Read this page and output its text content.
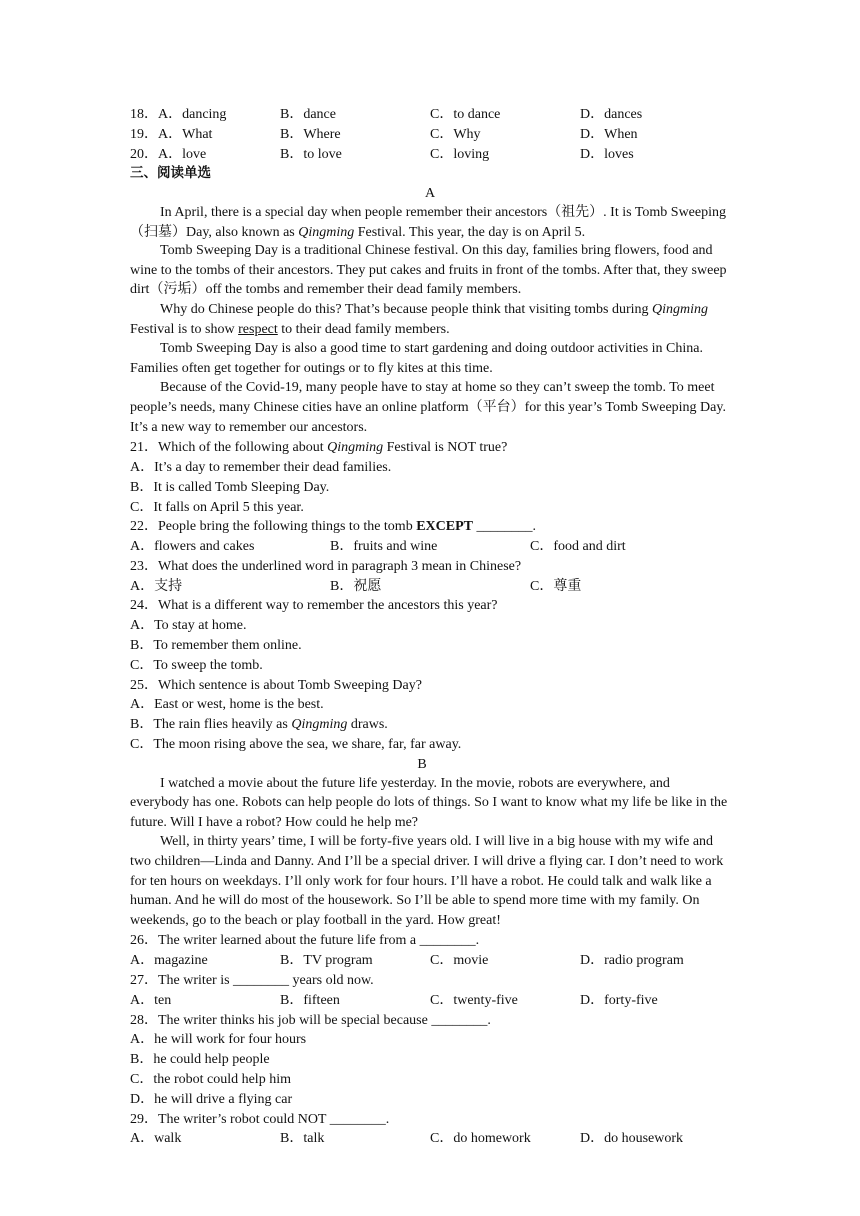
18．A．dancing	B．dance	C．to dance	D．dances
19．A．What	B．Where	C．Why	D．When
20．A．love	B．to love	C．loving	D．loves
三、阅读单选
A

In April, there is a special day when people remember their ancestors（祖先）. It is Tomb Sweeping（扫墓）Day, also known as Qingming Festival. This year, the day is on April 5.

Tomb Sweeping Day is a traditional Chinese festival. On this day, families bring flowers, food and wine to the tombs of their ancestors. They put cakes and fruits in front of the tombs. After that, they sweep dirt（污垢）off the tombs and remember their dead family members.

Why do Chinese people do this? That’s because people think that visiting tombs during Qingming Festival is to show respect to their dead family members.

Tomb Sweeping Day is also a good time to start gardening and doing outdoor activities in China. Families often get together for outings or to fly kites at this time.

Because of the Covid-19, many people have to stay at home so they can’t sweep the tomb. To meet people’s needs, many Chinese cities have an online platform（平台）for this year’s Tomb Sweeping Day. It’s a new way to remember our ancestors.

21．Which of the following about Qingming Festival is NOT true?
A．It’s a day to remember their dead families.
B．It is called Tomb Sleeping Day.
C．It falls on April 5 this year.
22．People bring the following things to the tomb EXCEPT ________.
A．flowers and cakes	B．fruits and wine	C．food and dirt
23．What does the underlined word in paragraph 3 mean in Chinese?
A．支持	B．祝愿	C．尊重
24．What is a different way to remember the ancestors this year?
A．To stay at home.
B．To remember them online.
C．To sweep the tomb.
25．Which sentence is about Tomb Sweeping Day?
A．East or west, home is the best.
B．The rain flies heavily as Qingming draws.
C．The moon rising above the sea, we share, far, far away.
B

I watched a movie about the future life yesterday. In the movie, robots are everywhere, and everybody has one. Robots can help people do lots of things. So I want to know what my life be like in the future. Will I have a robot? How could he help me?

Well, in thirty years’ time, I will be forty-five years old. I will live in a big house with my wife and two children—Linda and Danny. And I’ll be a special driver. I will drive a flying car. I don’t need to work for ten hours on weekdays. I’ll only work for four hours. I’ll have a robot. He could talk and walk like a human. And he will do most of the housework. So I’ll be able to spend more time with my family. On weekends, go to the beach or play football in the yard. How great!

26．The writer learned about the future life from a ________.
A．magazine	B．TV program	C．movie	D．radio program
27．The writer is ________ years old now.
A．ten	B．fifteen	C．twenty-five	D．forty-five
28．The writer thinks his job will be special because ________.
A．he will work for four hours
B．he could help people
C．the robot could help him
D．he will drive a flying car
29．The writer’s robot could NOT ________.
A．walk	B．talk	C．do homework	D．do housework
